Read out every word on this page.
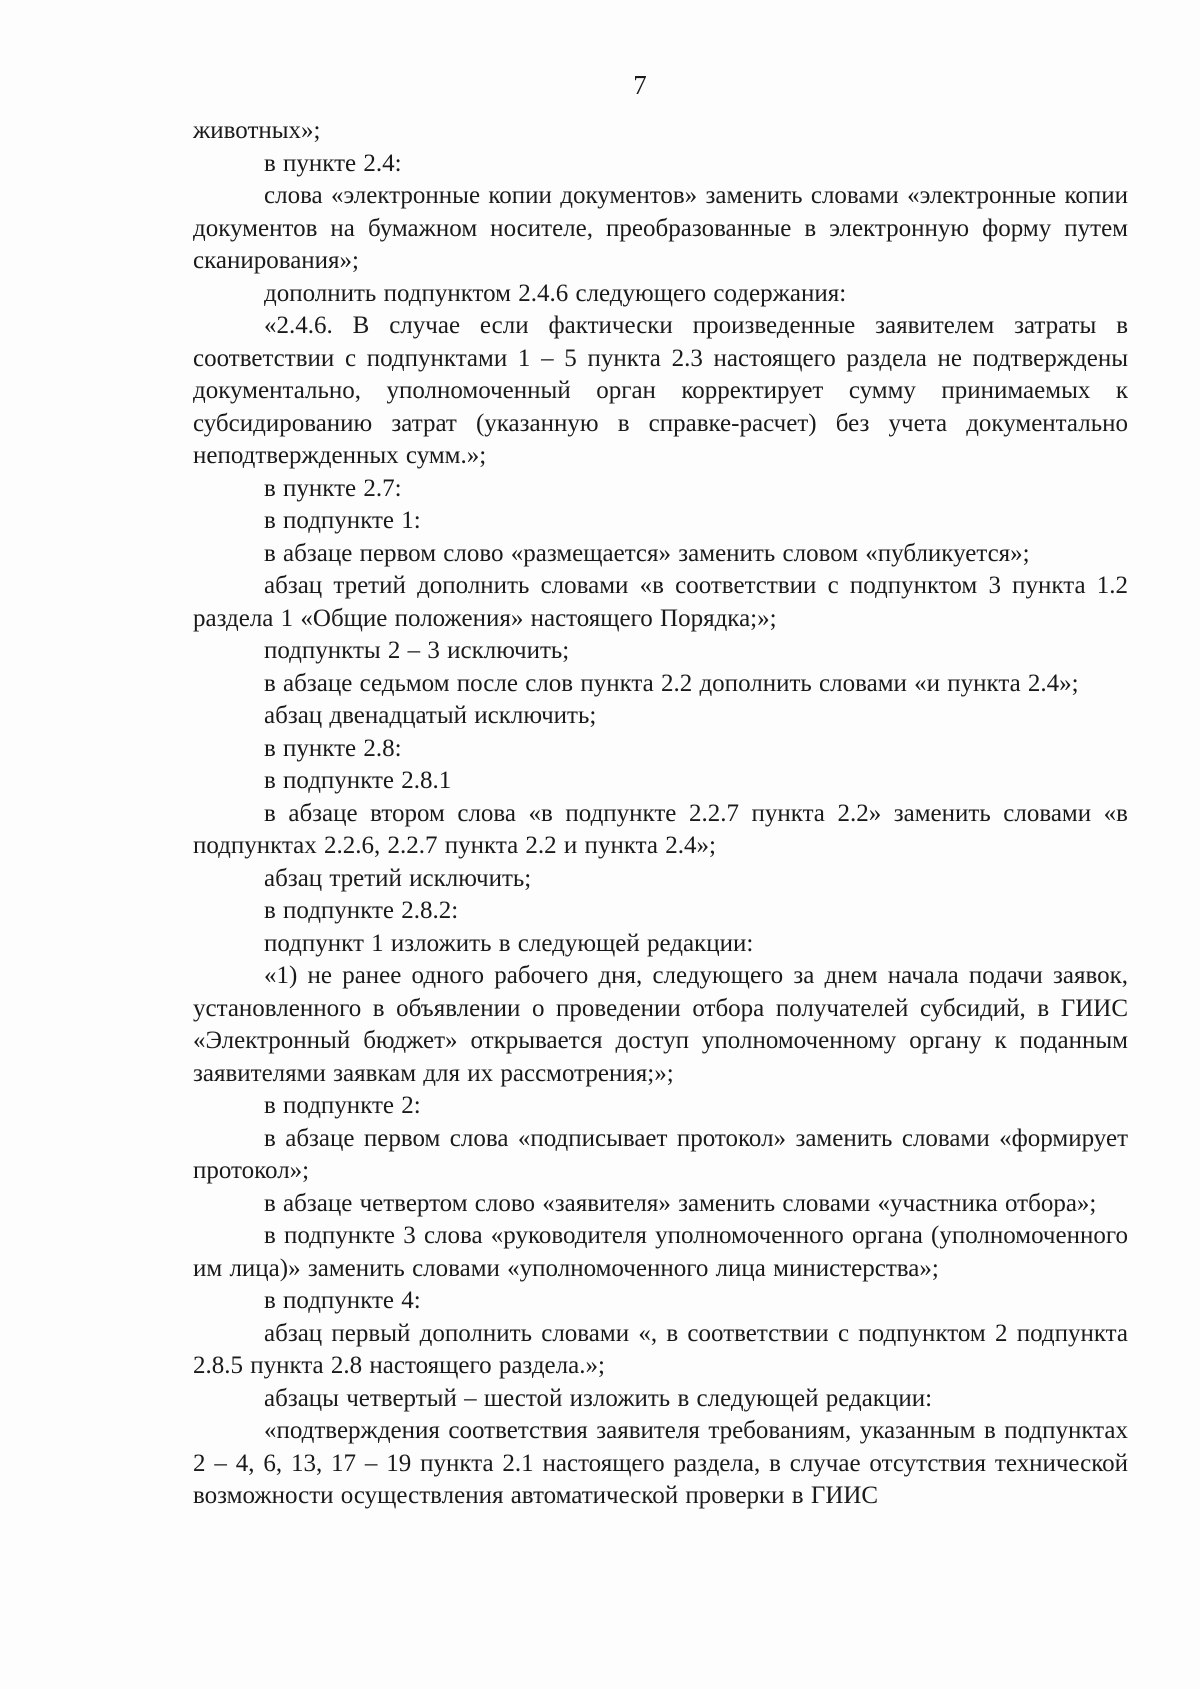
7

животных»;

в пункте 2.4:

слова «электронные копии документов» заменить словами «электронные копии документов на бумажном носителе, преобразованные в электронную форму путем сканирования»;

дополнить подпунктом 2.4.6 следующего содержания:

«2.4.6. В случае если фактически произведенные заявителем затраты в соответствии с подпунктами 1 – 5 пункта 2.3 настоящего раздела не подтверждены документально, уполномоченный орган корректирует сумму принимаемых к субсидированию затрат (указанную в справке-расчет) без учета документально неподтвержденных сумм.»;

в пункте 2.7:

в подпункте 1:

в абзаце первом слово «размещается» заменить словом «публикуется»;

абзац третий дополнить словами «в соответствии с подпунктом 3 пункта 1.2 раздела 1 «Общие положения» настоящего Порядка;»;

подпункты 2 – 3 исключить;

в абзаце седьмом после слов пункта 2.2 дополнить словами «и пункта 2.4»;

абзац двенадцатый исключить;

в пункте 2.8:

в подпункте 2.8.1

в абзаце втором слова «в подпункте 2.2.7 пункта 2.2» заменить словами «в подпунктах 2.2.6, 2.2.7 пункта 2.2 и пункта 2.4»;

абзац третий исключить;

в подпункте 2.8.2:

подпункт 1 изложить в следующей редакции:

«1) не ранее одного рабочего дня, следующего за днем начала подачи заявок, установленного в объявлении о проведении отбора получателей субсидий, в ГИИС «Электронный бюджет» открывается доступ уполномоченному органу к поданным заявителями заявкам для их рассмотрения;»;

в подпункте 2:

в абзаце первом слова «подписывает протокол» заменить словами «формирует протокол»;

в абзаце четвертом слово «заявителя» заменить словами «участника отбора»;

в подпункте 3 слова «руководителя уполномоченного органа (уполномоченного им лица)» заменить словами «уполномоченного лица министерства»;

в подпункте 4:

абзац первый дополнить словами «, в соответствии с подпунктом 2 подпункта 2.8.5 пункта 2.8 настоящего раздела.»;

абзацы четвертый – шестой изложить в следующей редакции:

«подтверждения соответствия заявителя требованиям, указанным в подпунктах 2 – 4, 6, 13, 17 – 19 пункта 2.1 настоящего раздела, в случае отсутствия технической возможности осуществления автоматической проверки в ГИИС
